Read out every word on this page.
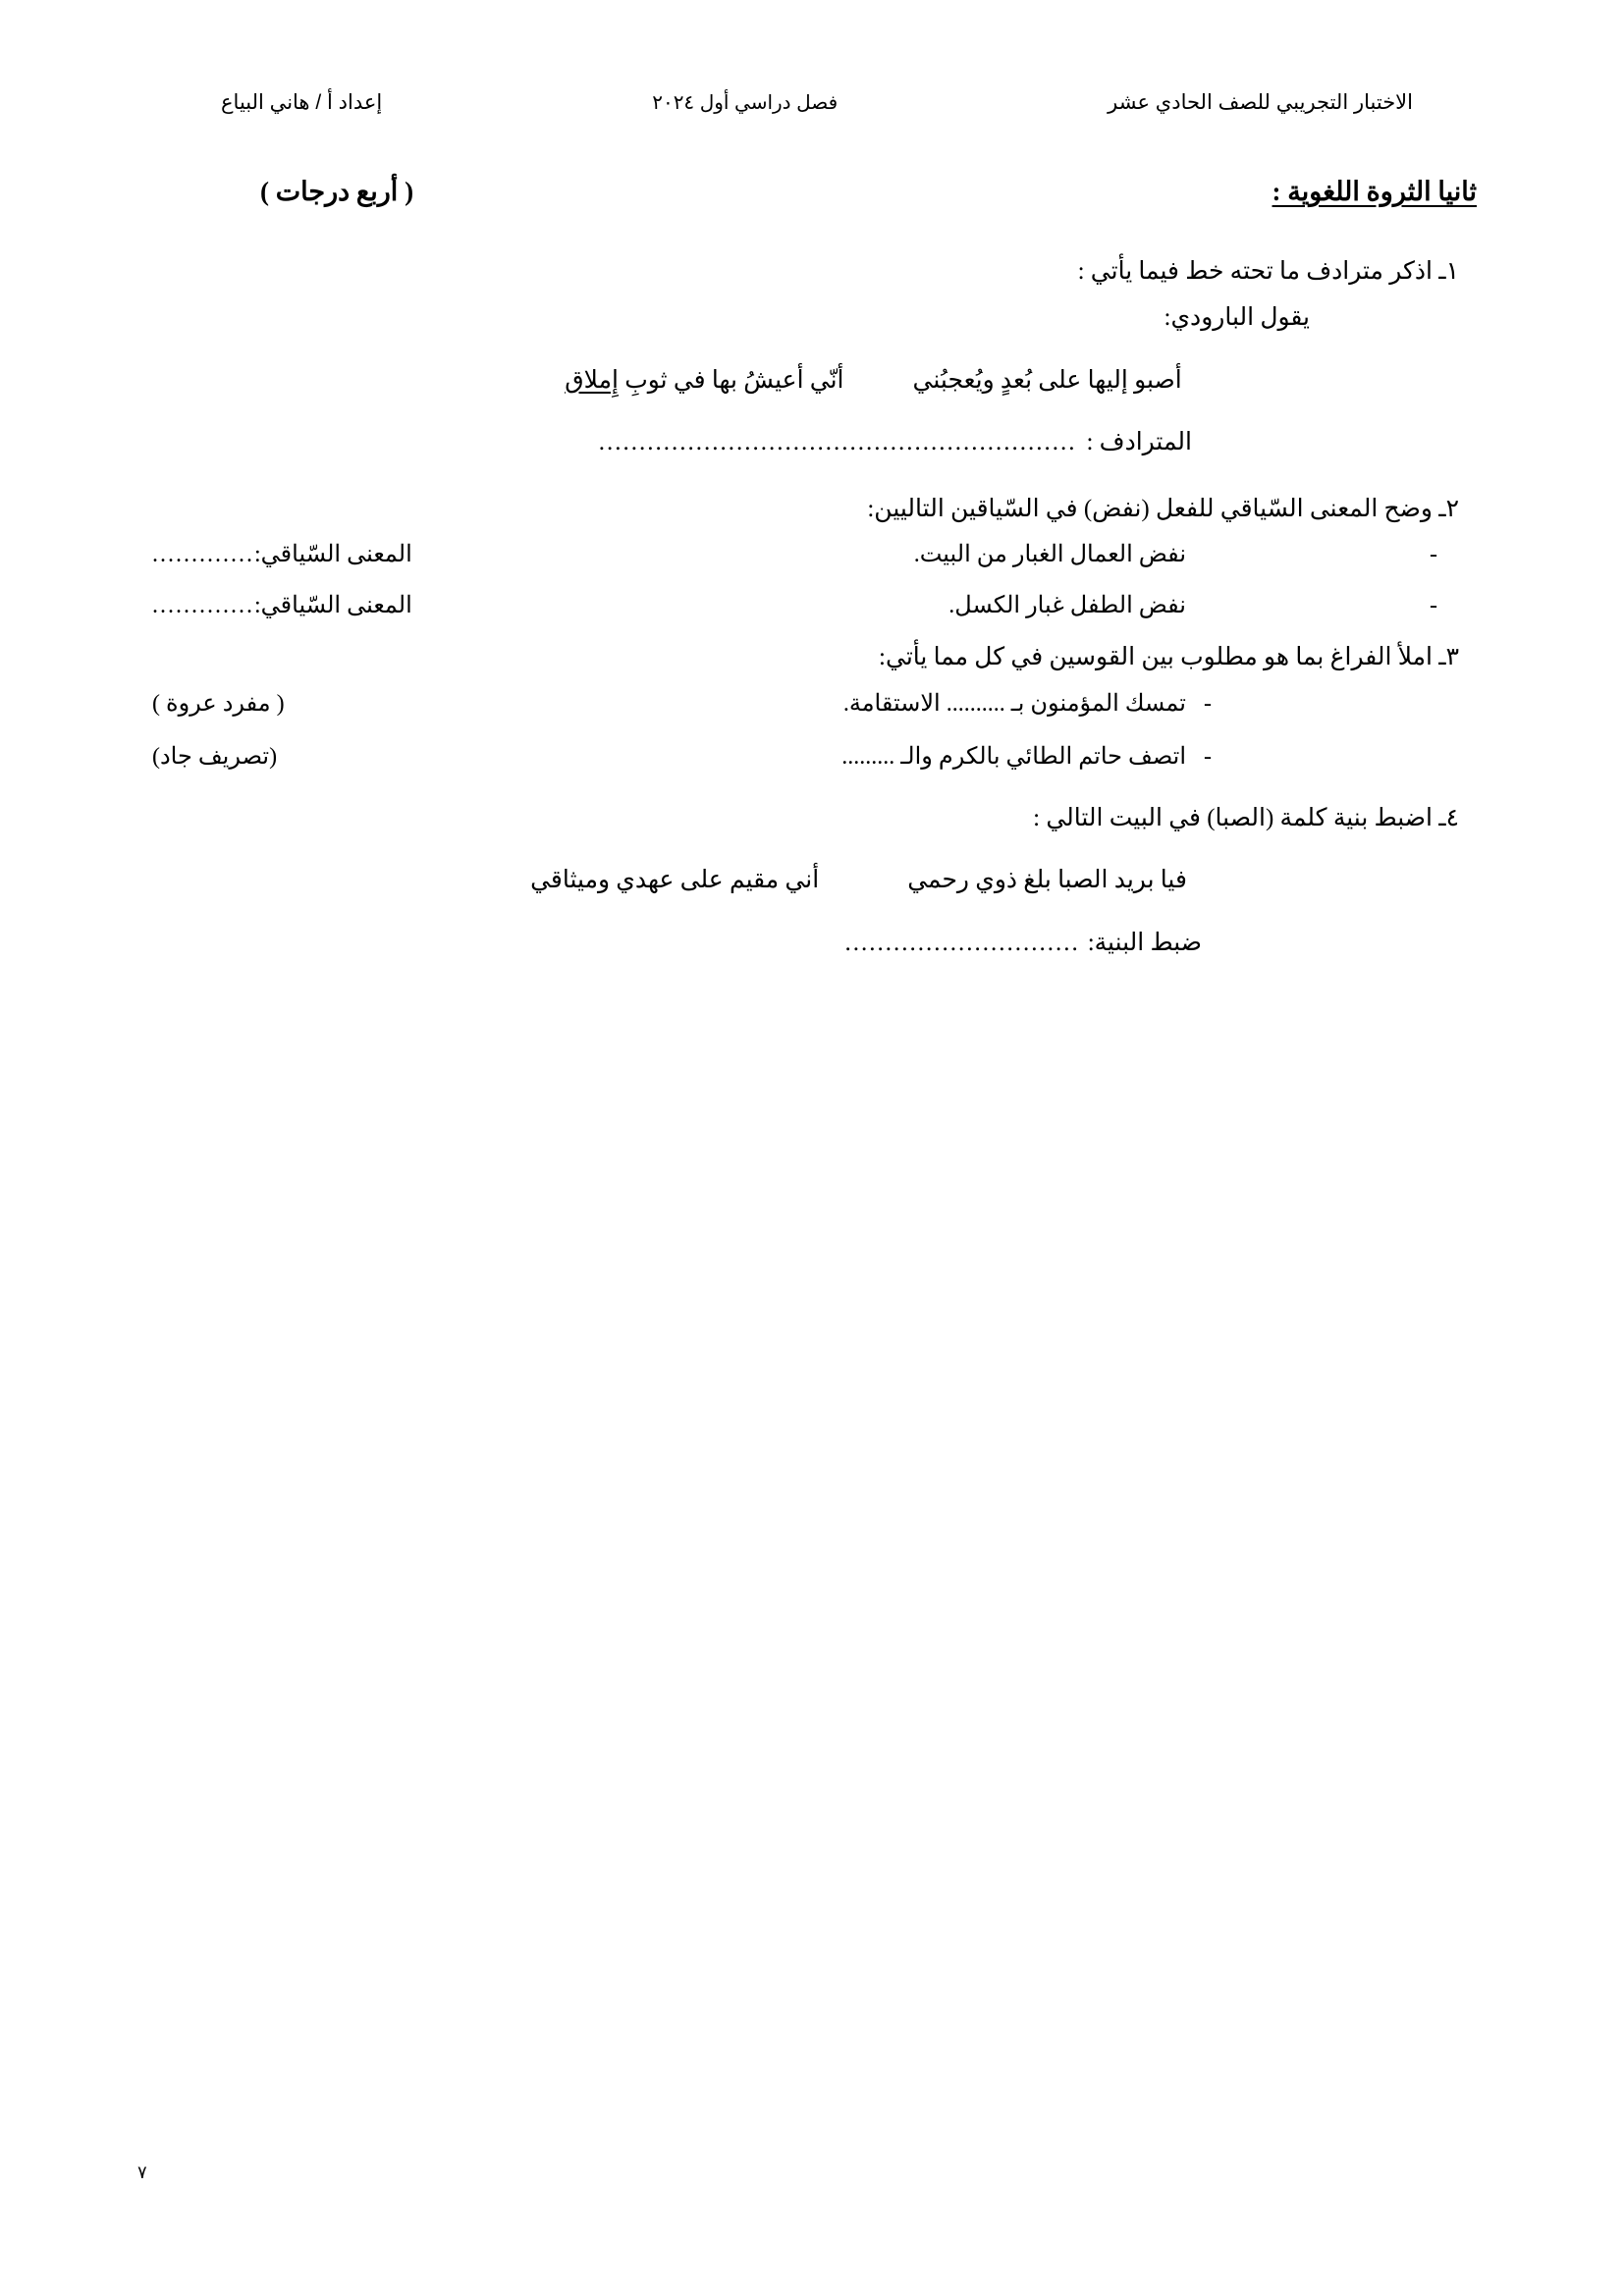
الاختبار التجريبي للصف الحادي عشر
فصل دراسي أول ٢٠٢٤
إعداد أ / هاني البياع
ثانيا الثروة اللغوية :
( أربع درجات )
١ـ اذكر مترادف ما تحته خط فيما يأتي :
يقول البارودي:
أصبو إليها على بُعدٍ ويُعجبُني
أنّي أعيشُ بها في ثوبِ إِملاق
المترادف :
...........................................................
٢ـ وضح المعنى السّياقي للفعل (نفض) في السّياقين التاليين:
-
نفض العمال الغبار من البيت.
المعنى السّياقي:
.............
-
نفض الطفل غبار الكسل.
المعنى السّياقي:
.............
٣ـ املأ الفراغ بما هو مطلوب بين القوسين في كل مما يأتي:
-
تمسك المؤمنون بـ .......... الاستقامة.
( مفرد عروة )
-
اتصف حاتم الطائي بالكرم والـ .........
(تصريف جاد)
٤ـ اضبط بنية كلمة (الصبا) في البيت التالي :
فيا بريد الصبا بلغ ذوي رحمي
أني مقيم على عهدي وميثاقي
ضبط البنية:
.............................
٧
